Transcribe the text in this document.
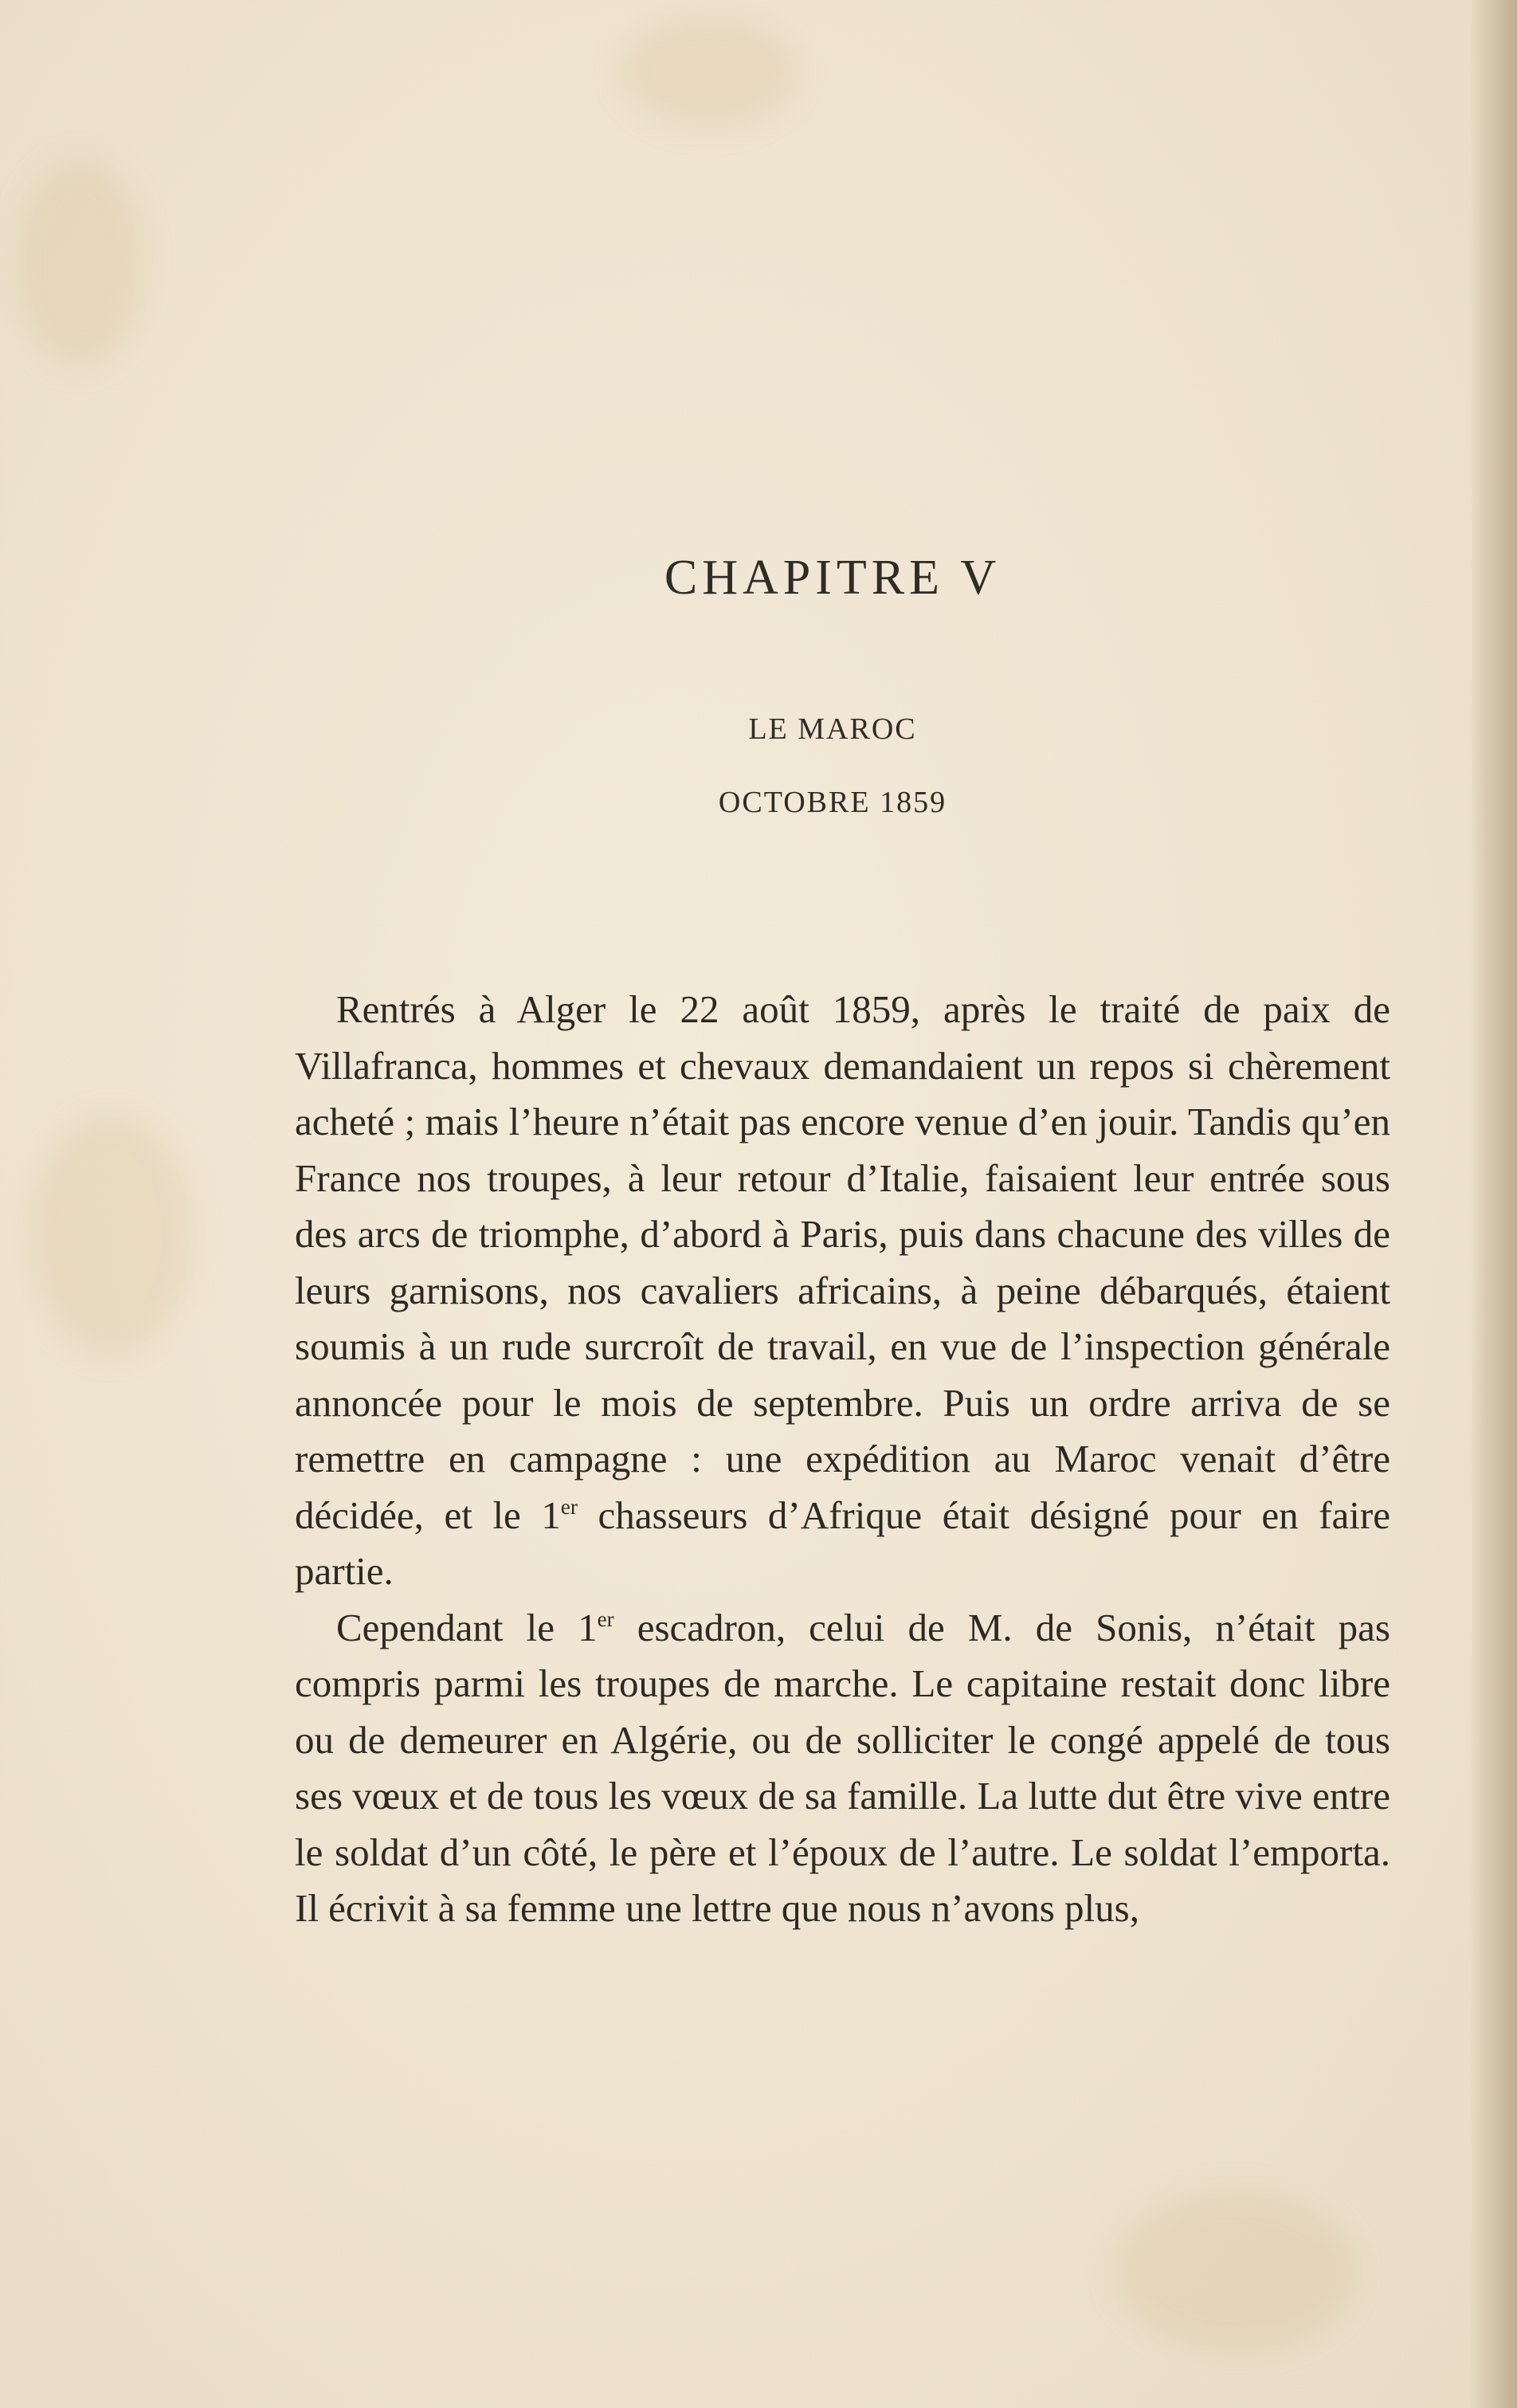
CHAPITRE V
LE MAROC
OCTOBRE 1859

Rentrés à Alger le 22 août 1859, après le traité de paix de Villafranca, hommes et chevaux demandaient un repos si chèrement acheté ; mais l’heure n’était pas encore venue d’en jouir. Tandis qu’en France nos troupes, à leur retour d’Italie, faisaient leur entrée sous des arcs de triomphe, d’abord à Paris, puis dans chacune des villes de leurs garnisons, nos cavaliers africains, à peine débarqués, étaient soumis à un rude surcroît de travail, en vue de l’inspection générale annoncée pour le mois de septembre. Puis un ordre arriva de se remettre en campagne : une expédition au Maroc venait d’être décidée, et le 1er chasseurs d’Afrique était désigné pour en faire partie.

Cependant le 1er escadron, celui de M. de Sonis, n’était pas compris parmi les troupes de marche. Le capitaine restait donc libre ou de demeurer en Algérie, ou de solliciter le congé appelé de tous ses vœux et de tous les vœux de sa famille. La lutte dut être vive entre le soldat d’un côté, le père et l’époux de l’autre. Le soldat l’emporta. Il écrivit à sa femme une lettre que nous n’avons plus,
